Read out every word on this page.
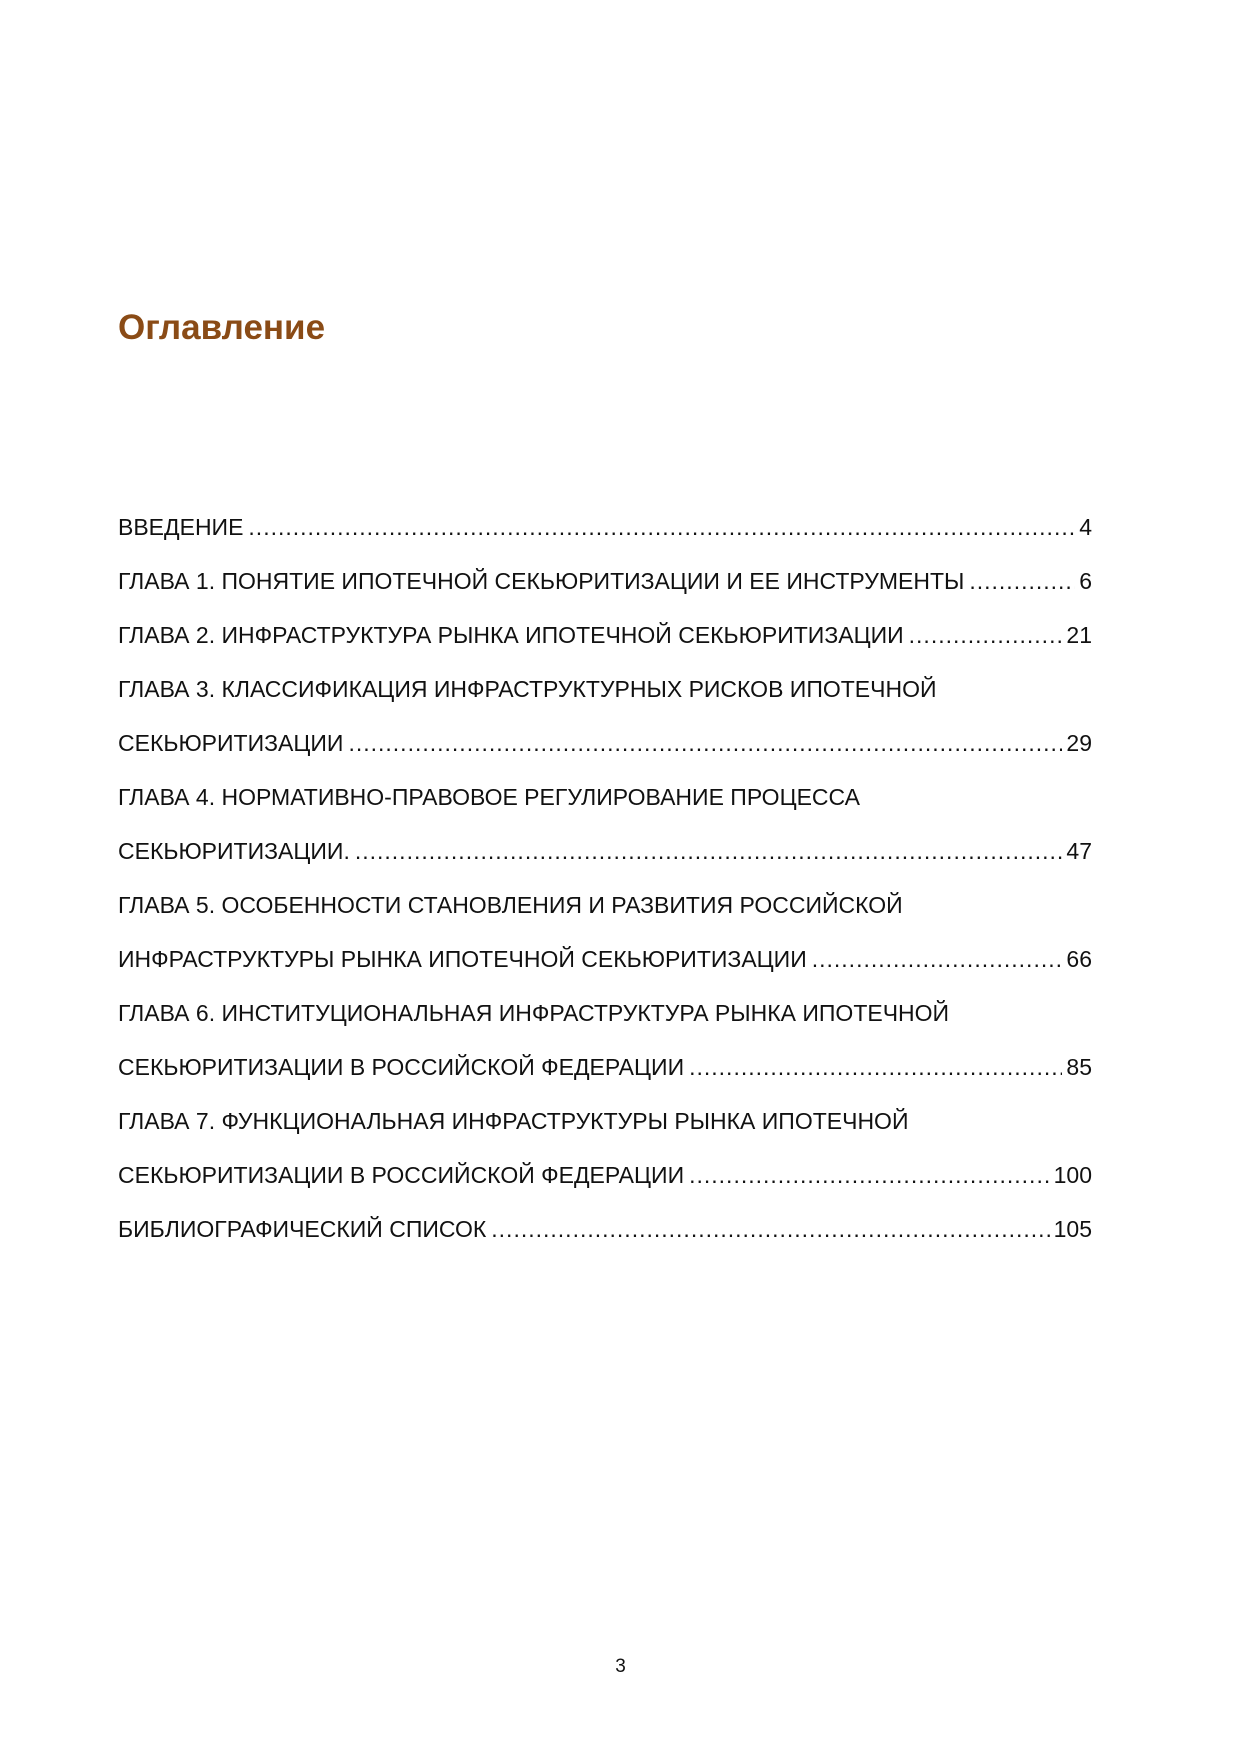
Оглавление
ВВЕДЕНИЕ .....	4
ГЛАВА 1. ПОНЯТИЕ ИПОТЕЧНОЙ СЕКЬЮРИТИЗАЦИИ И ЕЕ ИНСТРУМЕНТЫ .....	6
ГЛАВА 2. ИНФРАСТРУКТУРА РЫНКА ИПОТЕЧНОЙ СЕКЬЮРИТИЗАЦИИ .....	21
ГЛАВА 3. КЛАССИФИКАЦИЯ ИНФРАСТРУКТУРНЫХ РИСКОВ ИПОТЕЧНОЙ
СЕКЬЮРИТИЗАЦИИ .....	29
ГЛАВА 4. НОРМАТИВНО-ПРАВОВОЕ РЕГУЛИРОВАНИЕ ПРОЦЕССА
СЕКЬЮРИТИЗАЦИИ. .....	47
ГЛАВА 5. ОСОБЕННОСТИ СТАНОВЛЕНИЯ И РАЗВИТИЯ РОССИЙСКОЙ
ИНФРАСТРУКТУРЫ РЫНКА ИПОТЕЧНОЙ СЕКЬЮРИТИЗАЦИИ .....	66
ГЛАВА 6. ИНСТИТУЦИОНАЛЬНАЯ ИНФРАСТРУКТУРА РЫНКА ИПОТЕЧНОЙ
СЕКЬЮРИТИЗАЦИИ В РОССИЙСКОЙ ФЕДЕРАЦИИ .....	85
ГЛАВА 7. ФУНКЦИОНАЛЬНАЯ ИНФРАСТРУКТУРЫ РЫНКА ИПОТЕЧНОЙ
СЕКЬЮРИТИЗАЦИИ В РОССИЙСКОЙ ФЕДЕРАЦИИ .....	100
БИБЛИОГРАФИЧЕСКИЙ СПИСОК .....	105
3
